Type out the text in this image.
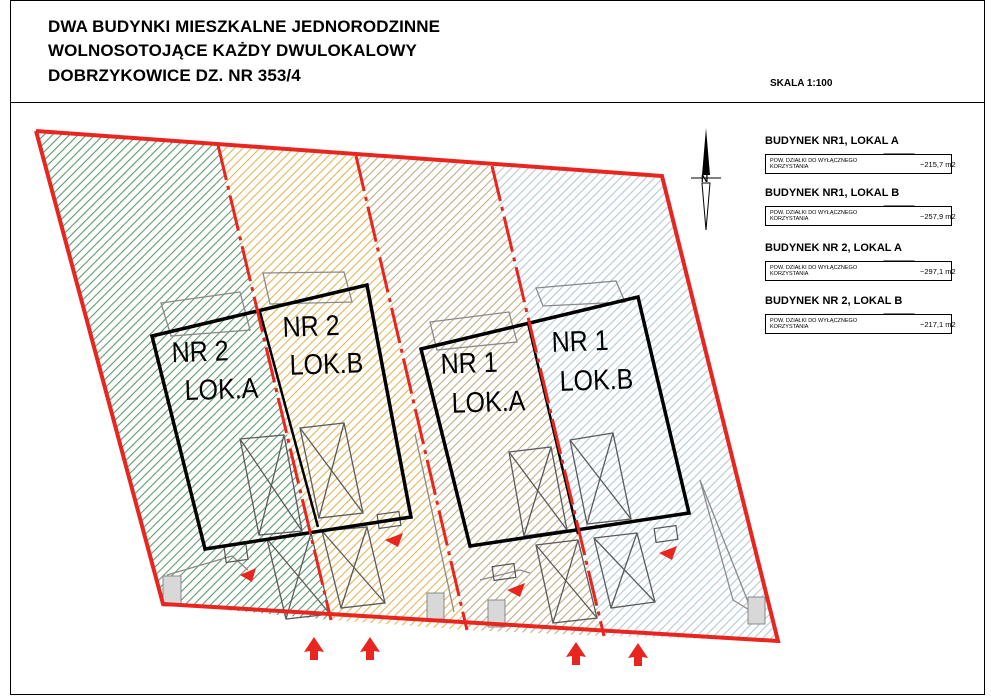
DWA BUDYNKI MIESZKALNE JEDNORODZINNE
WOLNOSOTOJĄCE KAŻDY DWULOKALOWY
DOBRZYKOWICE DZ. NR 353/4	SKALA 1:100
NR 2
LOK.A
NR 2
LOK.B	NR 1
LOK.A
NR 1
LOK.B
N
BUDYNEK NR1, LOKAL A
POW. DZIAŁKI DO WYŁĄCZNEGO KORZYSTANIA	~215,7 m2
BUDYNEK NR1, LOKAL B
POW. DZIAŁKI DO WYŁĄCZNEGO KORZYSTANIA	~257,9 m2
BUDYNEK NR 2, LOKAL A
POW. DZIAŁKI DO WYŁĄCZNEGO KORZYSTANIA	~297,1 m2
BUDYNEK NR 2, LOKAL B
POW. DZIAŁKI DO WYŁĄCZNEGO KORZYSTANIA	~217,1 m2
